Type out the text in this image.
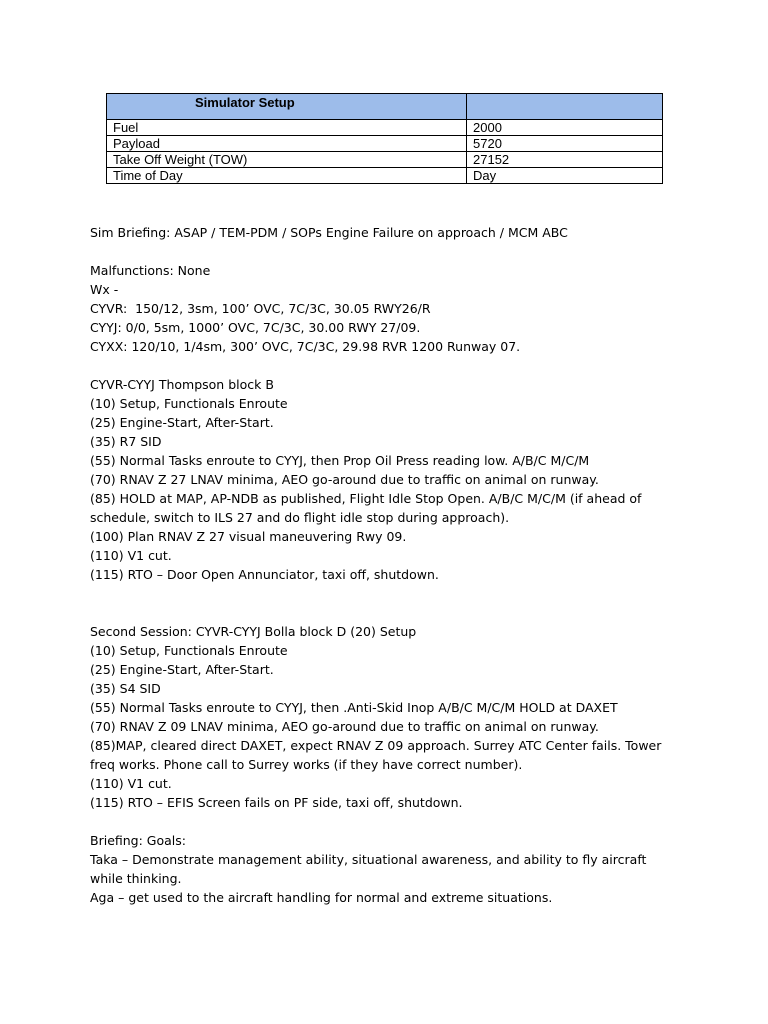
Simulator Setup	
Fuel	2000
Payload	5720
Take Off Weight (TOW)	27152
Time of Day	Day
Sim Briefing: ASAP / TEM-PDM / SOPs Engine Failure on approach / MCM ABC
Malfunctions: None
Wx -
CYVR:  150/12, 3sm, 100’ OVC, 7C/3C, 30.05 RWY26/R
CYYJ: 0/0, 5sm, 1000’ OVC, 7C/3C, 30.00 RWY 27/09.
CYXX: 120/10, 1/4sm, 300’ OVC, 7C/3C, 29.98 RVR 1200 Runway 07.
CYVR-CYYJ Thompson block B
(10) Setup, Functionals Enroute
(25) Engine-Start, After-Start.
(35) R7 SID
(55) Normal Tasks enroute to CYYJ, then Prop Oil Press reading low. A/B/C M/C/M
(70) RNAV Z 27 LNAV minima, AEO go-around due to traffic on animal on runway.
(85) HOLD at MAP, AP-NDB as published, Flight Idle Stop Open. A/B/C M/C/M (if ahead of schedule, switch to ILS 27 and do flight idle stop during approach).
(100) Plan RNAV Z 27 visual maneuvering Rwy 09.
(110) V1 cut.
(115) RTO – Door Open Annunciator, taxi off, shutdown.
Second Session: CYVR-CYYJ Bolla block D (20) Setup
(10) Setup, Functionals Enroute
(25) Engine-Start, After-Start.
(35) S4 SID
(55) Normal Tasks enroute to CYYJ, then .Anti-Skid Inop A/B/C M/C/M HOLD at DAXET
(70) RNAV Z 09 LNAV minima, AEO go-around due to traffic on animal on runway.
(85)MAP, cleared direct DAXET, expect RNAV Z 09 approach. Surrey ATC Center fails. Tower freq works. Phone call to Surrey works (if they have correct number).
(110) V1 cut.
(115) RTO – EFIS Screen fails on PF side, taxi off, shutdown.
Briefing: Goals:
Taka – Demonstrate management ability, situational awareness, and ability to fly aircraft while thinking.
Aga – get used to the aircraft handling for normal and extreme situations.
